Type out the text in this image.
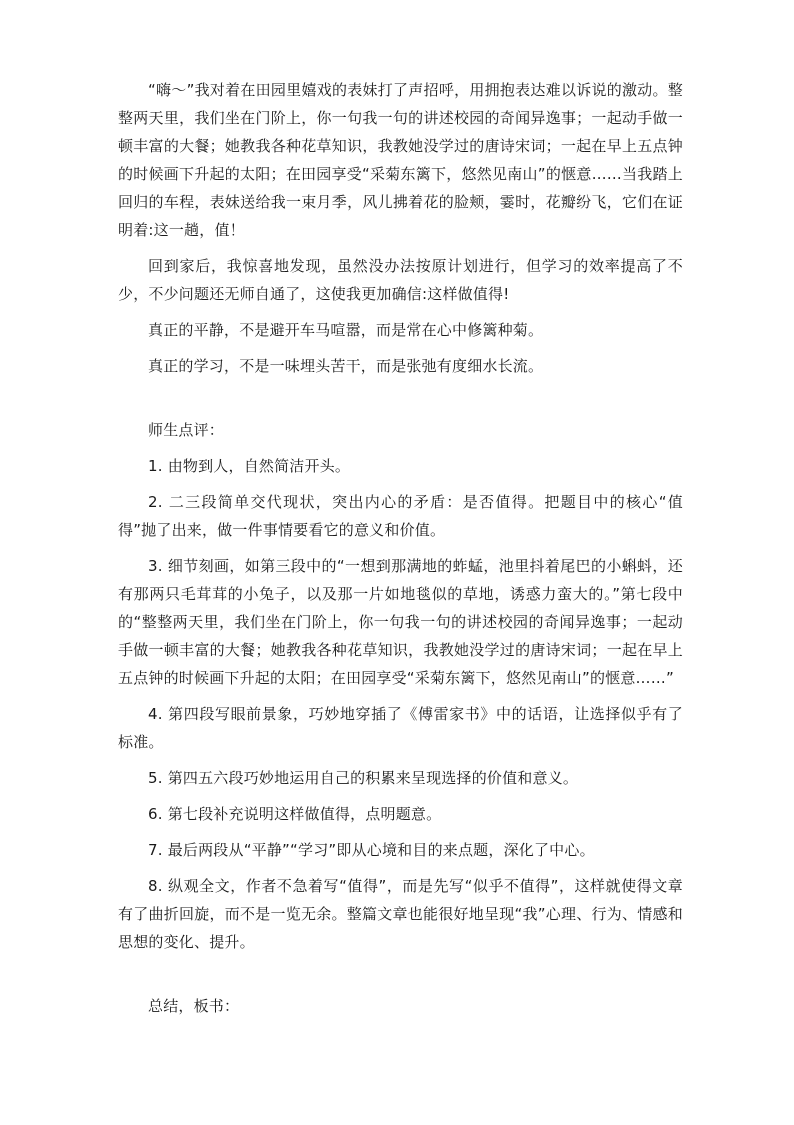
“嗨～”我对着在田园里嬉戏的表妹打了声招呼，用拥抱表达难以诉说的激动。整整两天里，我们坐在门阶上，你一句我一句的讲述校园的奇闻异逸事；一起动手做一顿丰富的大餐；她教我各种花草知识，我教她没学过的唐诗宋词；一起在早上五点钟的时候画下升起的太阳；在田园享受“采菊东篱下，悠然见南山”的惬意……当我踏上回归的车程，表妹送给我一束月季，风儿拂着花的脸颊，霎时，花瓣纷飞，它们在证明着:这一趟，值！

回到家后，我惊喜地发现，虽然没办法按原计划进行，但学习的效率提高了不少，不少问题还无师自通了，这使我更加确信:这样做值得!

真正的平静，不是避开车马喧嚣，而是常在心中修篱种菊。

真正的学习，不是一味埋头苦干，而是张弛有度细水长流。

师生点评：

1. 由物到人，自然简洁开头。

2. 二三段简单交代现状，突出内心的矛盾：是否值得。把题目中的核心“值得”抛了出来，做一件事情要看它的意义和价值。

3. 细节刻画，如第三段中的“一想到那满地的蚱蜢，池里抖着尾巴的小蝌蚪，还有那两只毛茸茸的小兔子，以及那一片如地毯似的草地，诱惑力蛮大的。”第七段中的“整整两天里，我们坐在门阶上，你一句我一句的讲述校园的奇闻异逸事；一起动手做一顿丰富的大餐；她教我各种花草知识，我教她没学过的唐诗宋词；一起在早上五点钟的时候画下升起的太阳；在田园享受“采菊东篱下，悠然见南山”的惬意……”

4. 第四段写眼前景象，巧妙地穿插了《傅雷家书》中的话语，让选择似乎有了标准。

5. 第四五六段巧妙地运用自己的积累来呈现选择的价值和意义。

6. 第七段补充说明这样做值得，点明题意。

7. 最后两段从“平静”“学习”即从心境和目的来点题，深化了中心。

8. 纵观全文，作者不急着写“值得”，而是先写“似乎不值得”，这样就使得文章有了曲折回旋，而不是一览无余。整篇文章也能很好地呈现“我”心理、行为、情感和思想的变化、提升。

总结，板书：
